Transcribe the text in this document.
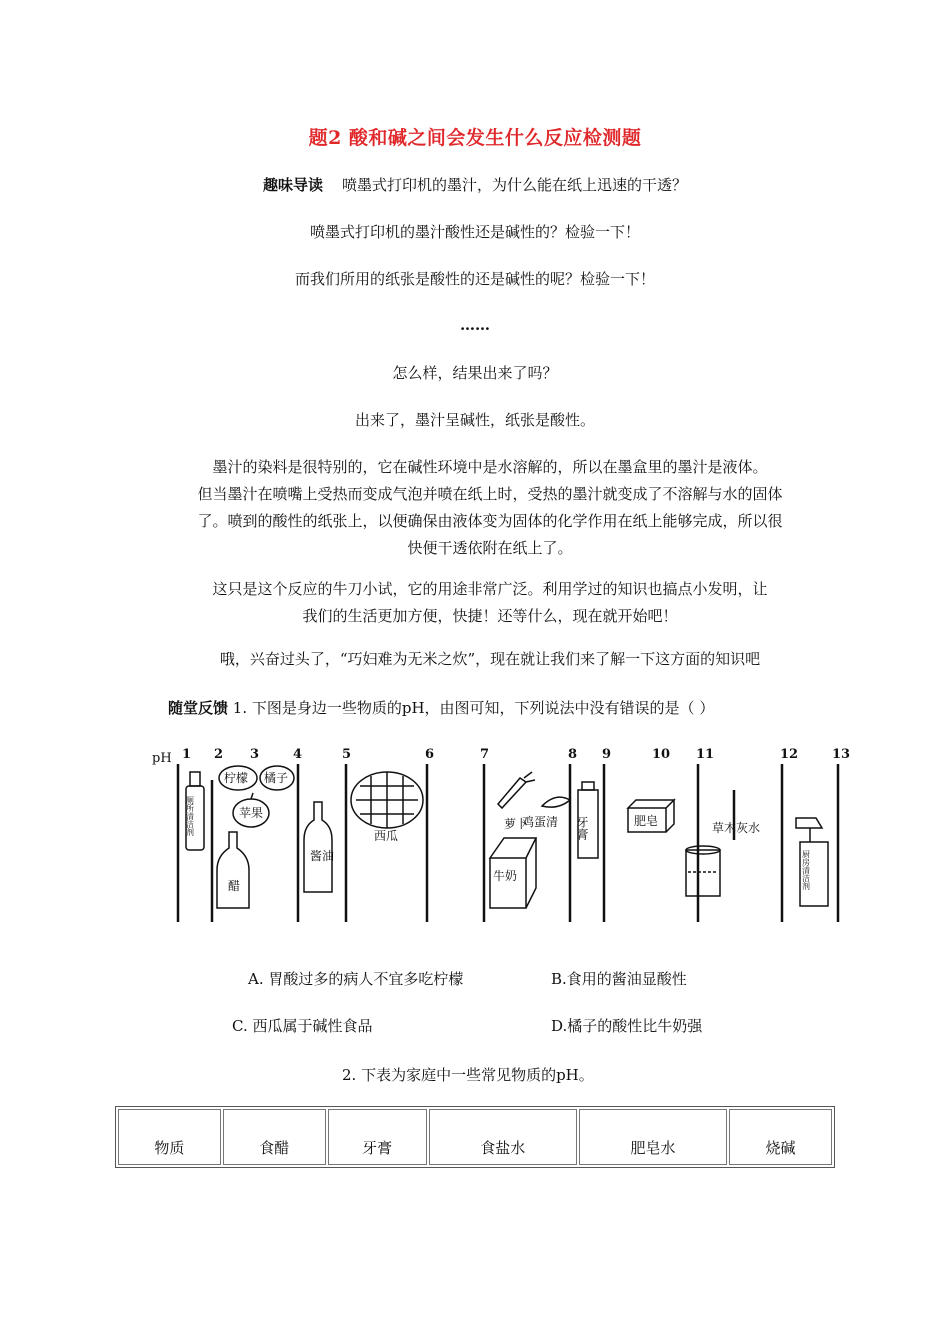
题2 酸和碱之间会发生什么反应检测题
趣味导读 喷墨式打印机的墨汁，为什么能在纸上迅速的干透？
喷墨式打印机的墨汁酸性还是碱性的？检验一下！
而我们所用的纸张是酸性的还是碱性的呢？检验一下！
……
怎么样，结果出来了吗？
出来了，墨汁呈碱性，纸张是酸性。
墨汁的染料是很特别的，它在碱性环境中是水溶解的，所以在墨盒里的墨汁是液体。
但当墨汁在喷嘴上受热而变成气泡并喷在纸上时，受热的墨汁就变成了不溶解与水的固体
了。喷到的酸性的纸张上，以便确保由液体变为固体的化学作用在纸上能够完成，所以很
快便干透依附在纸上了。
这只是这个反应的牛刀小试，它的用途非常广泛。利用学过的知识也搞点小发明，让
我们的生活更加方便，快捷！还等什么，现在就开始吧！
哦，兴奋过头了，“巧妇难为无米之炊”，现在就让我们来了解一下这方面的知识吧
随堂反馈 1. 下图是身边一些物质的pH，由图可知，下列说法中没有错误的是（ ）
pH 1 2 3	4	5	6	7	8 9	10 11	12	13
厕所清洁剂
柠檬 橘子
苹果
醋
酱油
西瓜
萝卜
牛奶
鸡蛋清 牙膏	肥皂	草木灰水
厨房清洁剂
A. 胃酸过多的病人不宜多吃柠檬	B.食用的酱油显酸性
C. 西瓜属于碱性食品	D.橘子的酸性比牛奶强
2. 下表为家庭中一些常见物质的pH。
物质	食醋	牙膏	食盐水	肥皂水	烧碱
